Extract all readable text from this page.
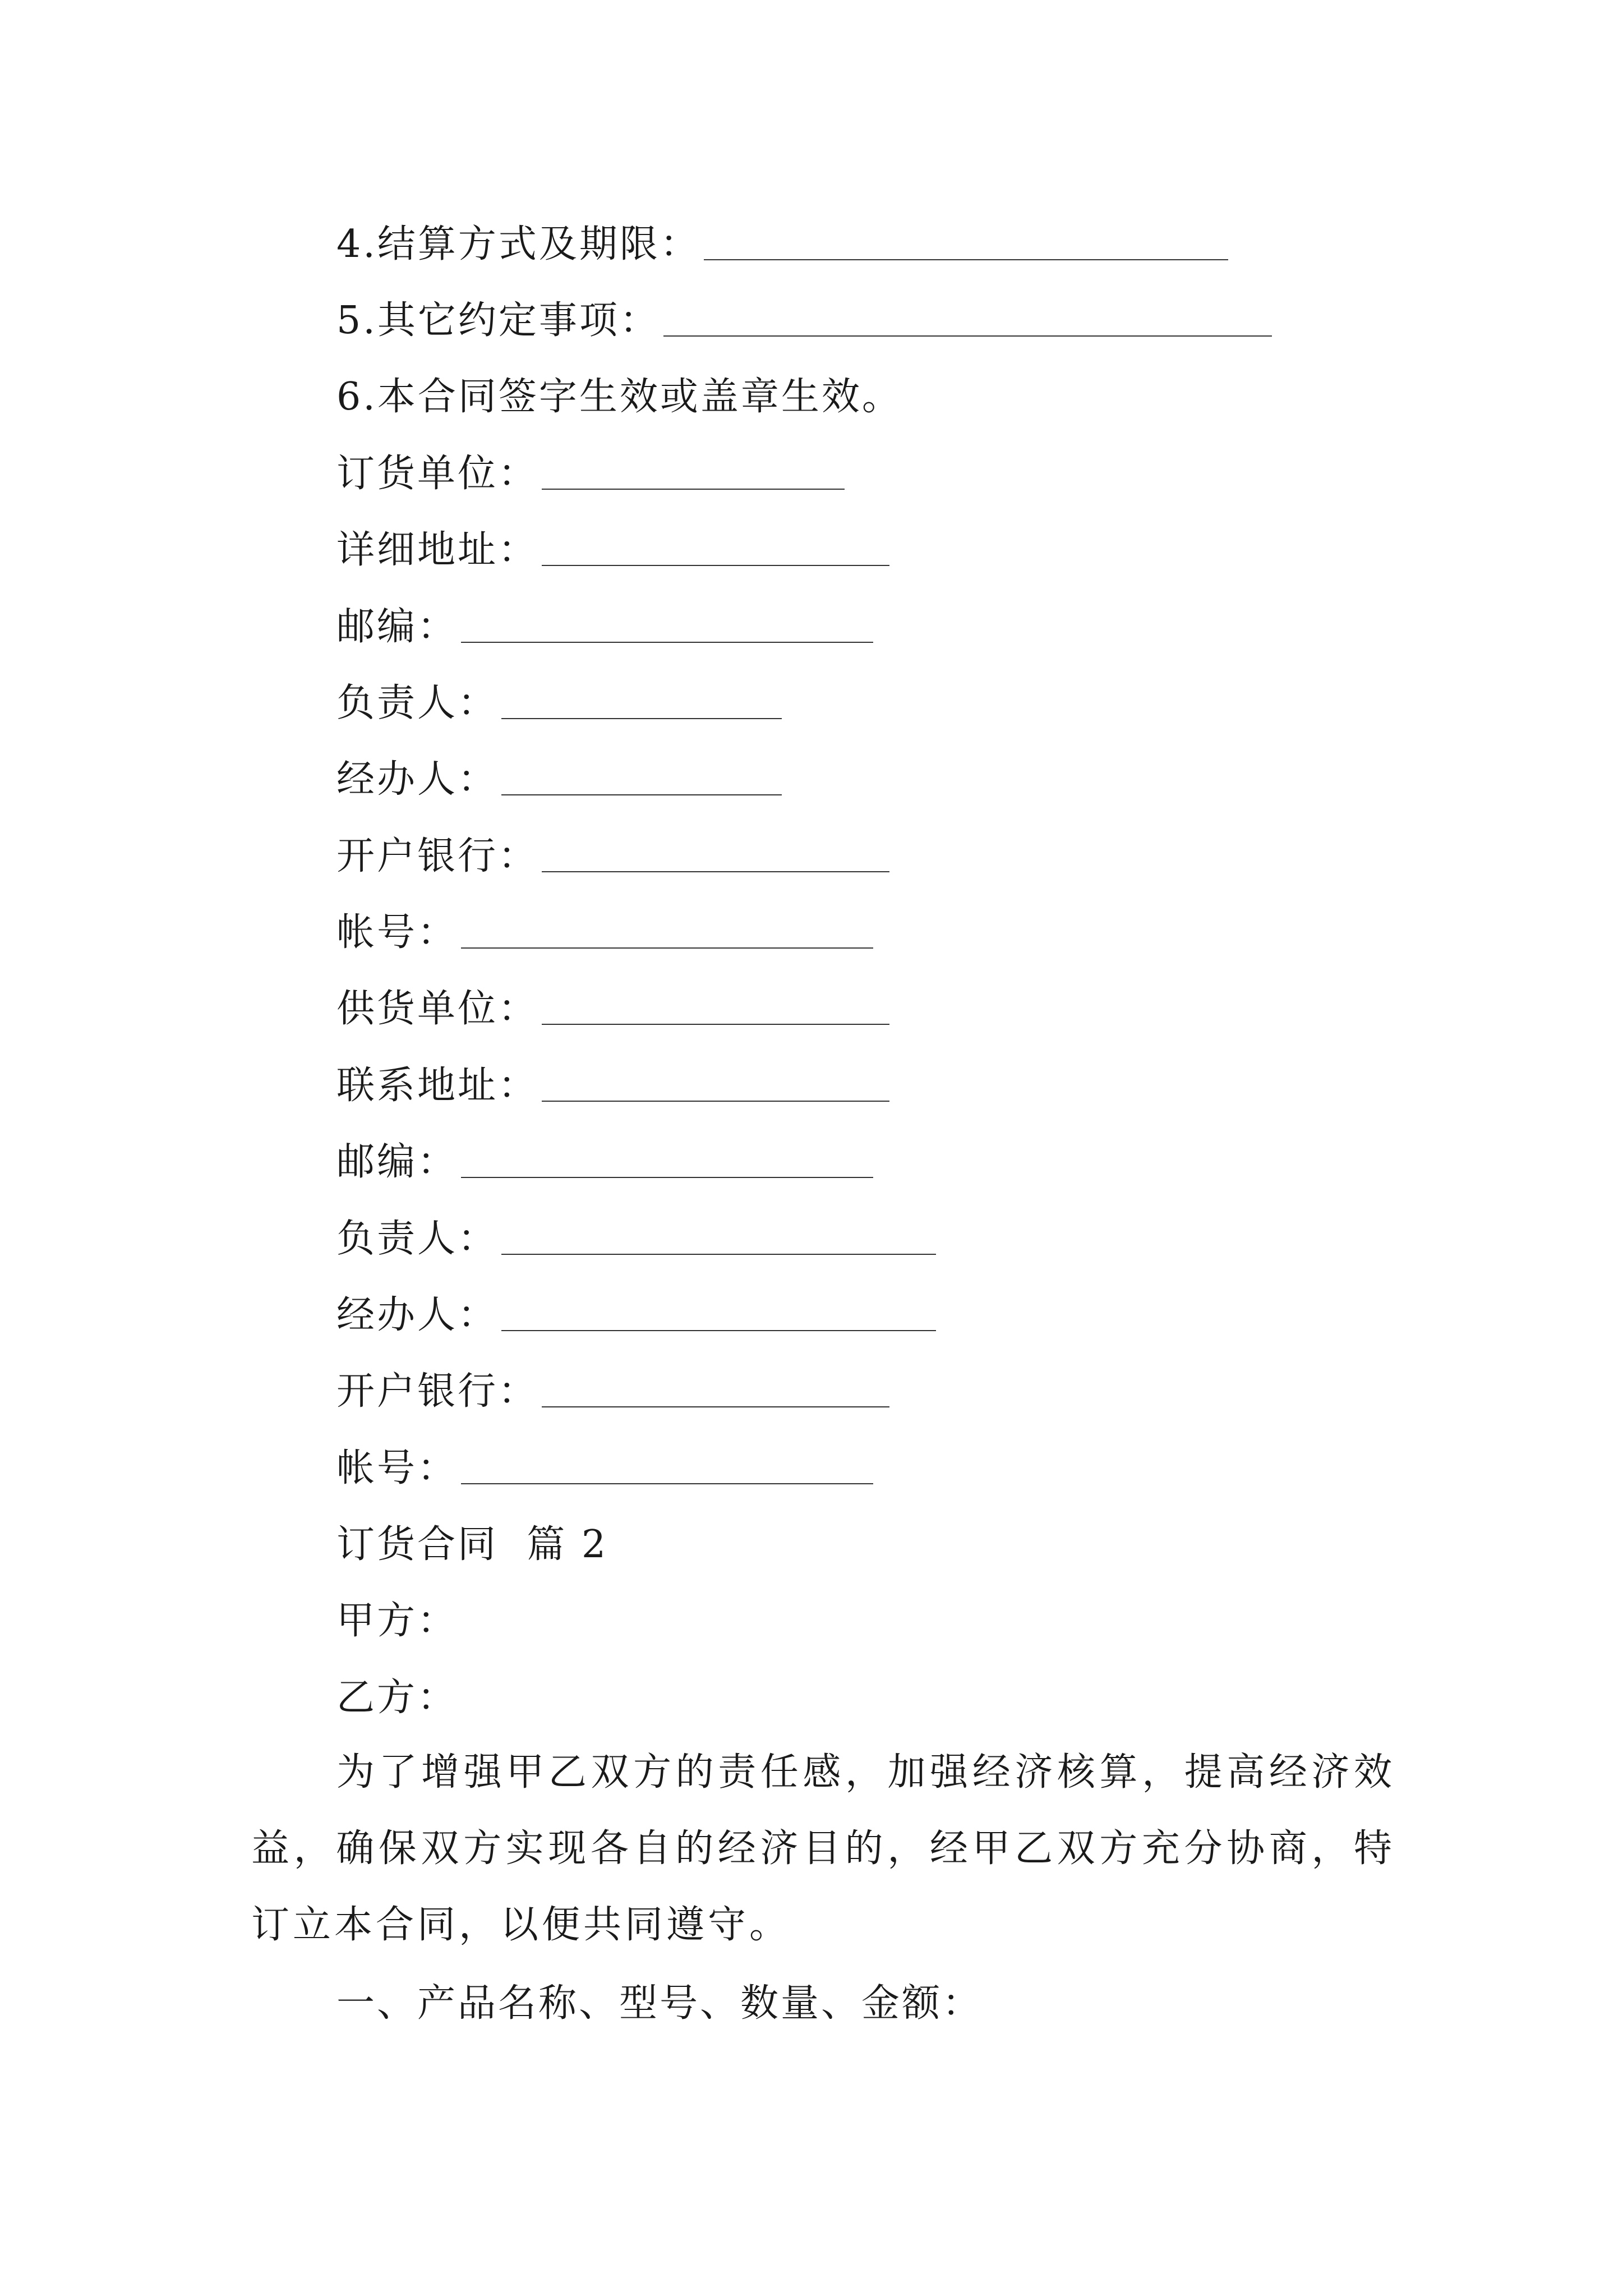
4.结算方式及期限：
5.其它约定事项：
6.本合同签字生效或盖章生效。
订货单位：
详细地址：
邮编：
负责人：
经办人：
开户银行：
帐号：
供货单位：
联系地址：
邮编：
负责人：
经办人：
开户银行：
帐号：
订货合同  篇 2
甲方：
乙方：
为了增强甲乙双方的责任感，加强经济核算，提高经济效益，确保双方实现各自的经济目的，经甲乙双方充分协商，特订立本合同，以便共同遵守。
一、产品名称、型号、数量、金额：
